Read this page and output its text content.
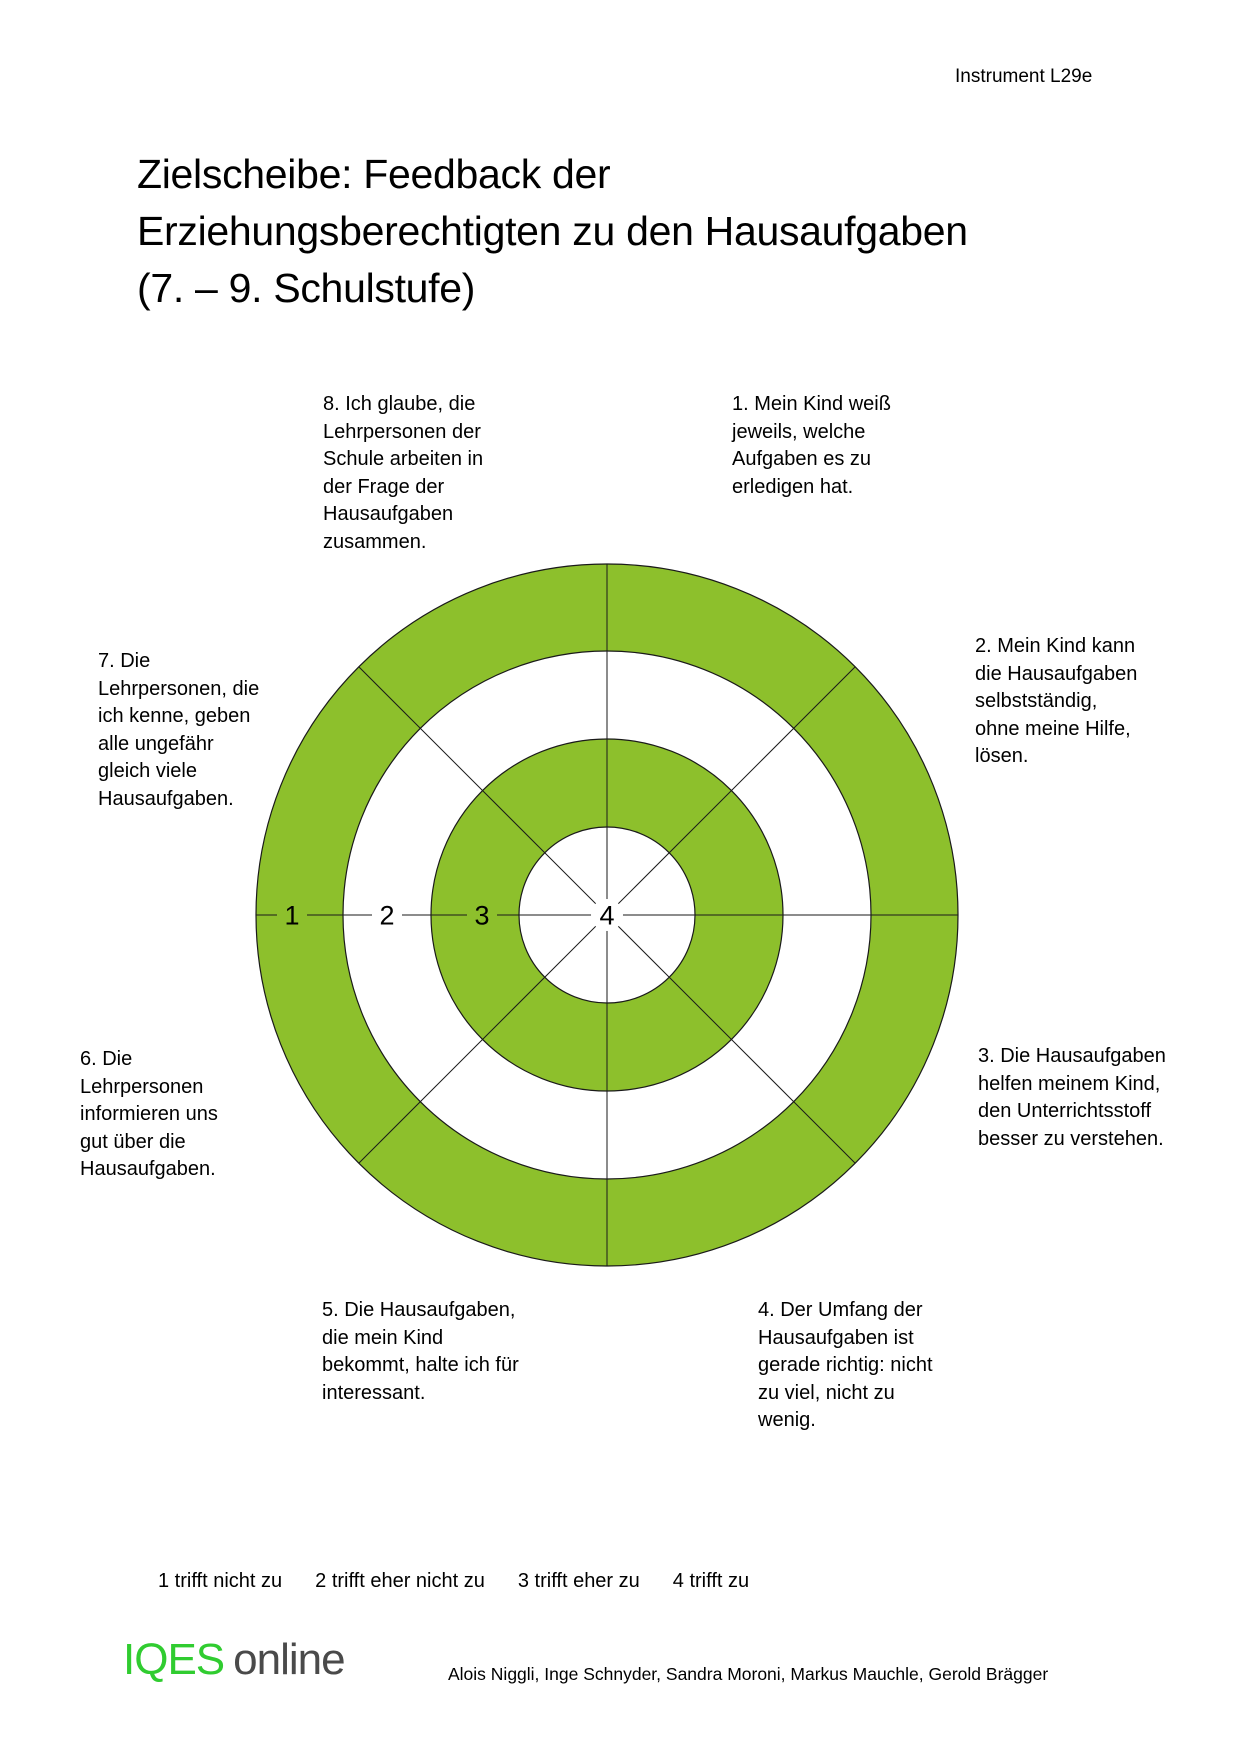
Instrument L29e
Zielscheibe: Feedback der
Erziehungsberechtigten zu den Hausaufgaben
(7. – 9. Schulstufe)
1. Mein Kind weiß
jeweils, welche
Aufgaben es zu
erledigen hat.
2. Mein Kind kann
die Hausaufgaben
selbstständig,
ohne meine Hilfe,
lösen.
3. Die Hausaufgaben
helfen meinem Kind,
den Unterrichtsstoff
besser zu verstehen.
4. Der Umfang der
Hausaufgaben ist
gerade richtig: nicht
zu viel, nicht zu
wenig.
5. Die Hausaufgaben,
die mein Kind
bekommt, halte ich für
interessant.
6. Die
Lehrpersonen
informieren uns
gut über die
Hausaufgaben.
7. Die
Lehrpersonen, die
ich kenne, geben
alle ungefähr
gleich viele
Hausaufgaben.
8. Ich glaube, die
Lehrpersonen der
Schule arbeiten in
der Frage der
Hausaufgaben
zusammen.
1	2	3	4
1 trifft nicht zu 2 trifft eher nicht zu 3 trifft eher zu 4 trifft zu
IQES online	Alois Niggli, Inge Schnyder, Sandra Moroni, Markus Mauchle, Gerold Brägger
